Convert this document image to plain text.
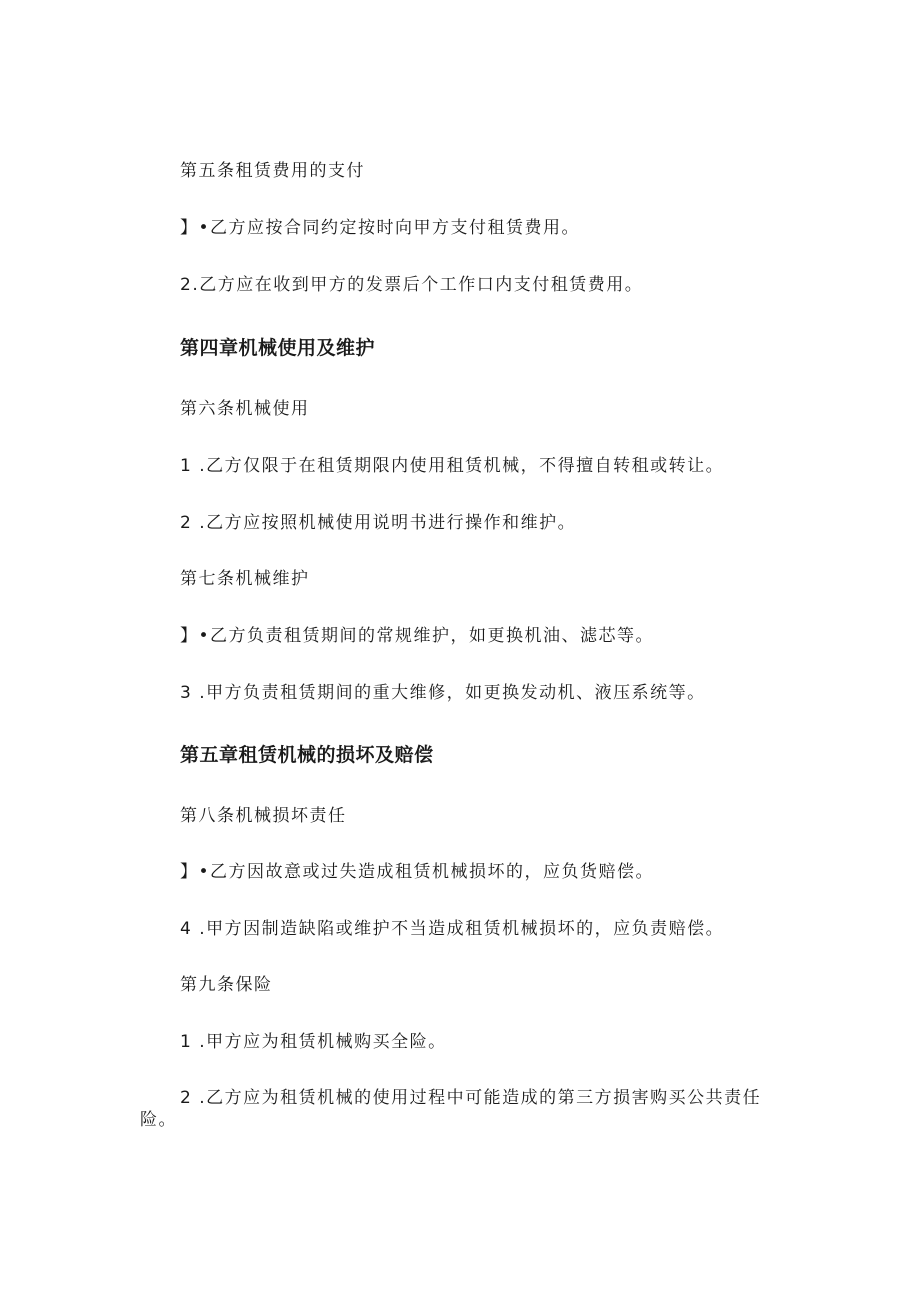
第五条租赁费用的支付
】•乙方应按合同约定按时向甲方支付租赁费用。
2.乙方应在收到甲方的发票后个工作口内支付租赁费用。
第四章机械使用及维护
第六条机械使用
1 .乙方仅限于在租赁期限内使用租赁机械，不得擅自转租或转让。
2 .乙方应按照机械使用说明书进行操作和维护。
第七条机械维护
】•乙方负责租赁期间的常规维护，如更换机油、滤芯等。
3 .甲方负责租赁期间的重大维修，如更换发动机、液压系统等。
第五章租赁机械的损坏及赔偿
第八条机械损坏责任
】•乙方因故意或过失造成租赁机械损坏的，应负货赔偿。
4 .甲方因制造缺陷或维护不当造成租赁机械损坏的，应负责赔偿。
第九条保险
1 .甲方应为租赁机械购买全险。
2 .乙方应为租赁机械的使用过程中可能造成的第三方损害购买公共责任
险。
